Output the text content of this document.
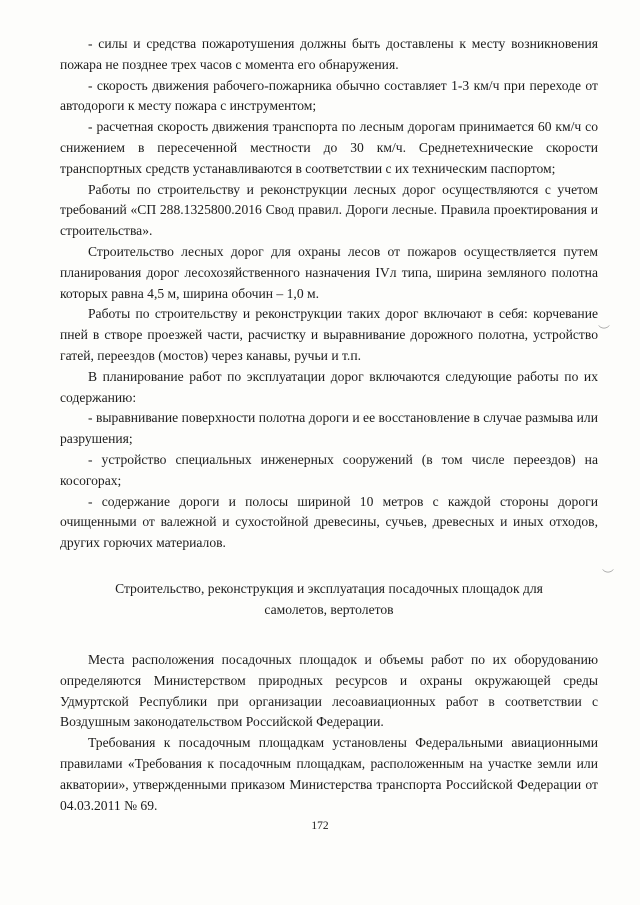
- силы и средства пожаротушения должны быть доставлены к месту возникновения пожара не позднее трех часов с момента его обнаружения.

- скорость движения рабочего-пожарника обычно составляет 1-3 км/ч при переходе от автодороги к месту пожара с инструментом;

- расчетная скорость движения транспорта по лесным дорогам принимается 60 км/ч со снижением в пересеченной местности до 30 км/ч. Среднетехнические скорости транспортных средств устанавливаются в соответствии с их техническим паспортом;

Работы по строительству и реконструкции лесных дорог осуществляются с учетом требований «СП 288.1325800.2016 Свод правил. Дороги лесные. Правила проектирования и строительства».

Строительство лесных дорог для охраны лесов от пожаров осуществляется путем планирования дорог лесохозяйственного назначения IVл типа, ширина земляного полотна которых равна 4,5 м, ширина обочин – 1,0 м.

Работы по строительству и реконструкции таких дорог включают в себя: корчевание пней в створе проезжей части, расчистку и выравнивание дорожного полотна, устройство гатей, переездов (мостов) через канавы, ручьи и т.п.

В планирование работ по эксплуатации дорог включаются следующие работы по их содержанию:

- выравнивание поверхности полотна дороги и ее восстановление в случае размыва или разрушения;

- устройство специальных инженерных сооружений (в том числе переездов) на косогорах;

- содержание дороги и полосы шириной 10 метров с каждой стороны дороги очищенными от валежной и сухостойной древесины, сучьев, древесных и иных отходов, других горючих материалов.

Строительство, реконструкция и эксплуатация посадочных площадок для
самолетов, вертолетов

Места расположения посадочных площадок и объемы работ по их оборудованию определяются Министерством природных ресурсов и охраны окружающей среды Удмуртской Республики при организации лесоавиационных работ в соответствии с Воздушным законодательством Российской Федерации.

Требования к посадочным площадкам установлены Федеральными авиационными правилами «Требования к посадочным площадкам, расположенным на участке земли или акватории», утвержденными приказом Министерства транспорта Российской Федерации от 04.03.2011 № 69.

172
︶
︶
